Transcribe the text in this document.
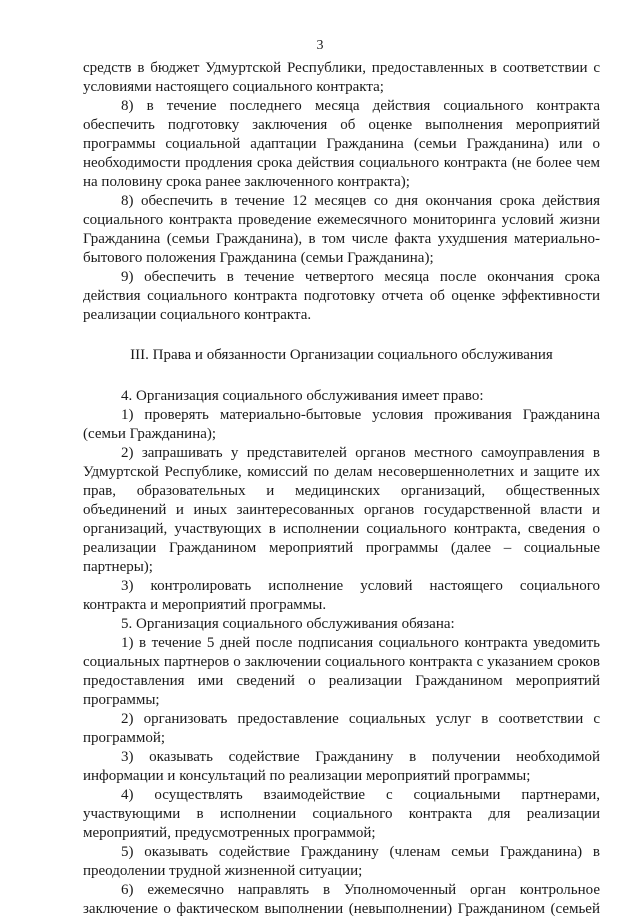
3

средств в бюджет Удмуртской Республики, предоставленных в соответствии с условиями настоящего социального контракта;

8) в течение последнего месяца действия социального контракта обеспечить подготовку заключения об оценке выполнения мероприятий программы социальной адаптации Гражданина (семьи Гражданина) или о необходимости продления срока действия социального контракта (не более чем на половину срока ранее заключенного контракта);

8) обеспечить в течение 12 месяцев со дня окончания срока действия социального контракта проведение ежемесячного мониторинга условий жизни Гражданина (семьи Гражданина), в том числе факта ухудшения материально-бытового положения Гражданина (семьи Гражданина);

9) обеспечить в течение четвертого месяца после окончания срока действия социального контракта подготовку отчета об оценке эффективности реализации социального контракта.

III. Права и обязанности Организации социального обслуживания

4. Организация социального обслуживания имеет право:

1) проверять материально-бытовые условия проживания Гражданина (семьи Гражданина);

2) запрашивать у представителей органов местного самоуправления в Удмуртской Республике, комиссий по делам несовершеннолетних и защите их прав, образовательных и медицинских организаций, общественных объединений и иных заинтересованных органов государственной власти и организаций, участвующих в исполнении социального контракта, сведения о реализации Гражданином мероприятий программы (далее – социальные партнеры);

3) контролировать исполнение условий настоящего социального контракта и мероприятий программы.

5. Организация социального обслуживания обязана:

1) в течение 5 дней после подписания социального контракта уведомить социальных партнеров о заключении социального контракта с указанием сроков предоставления ими сведений о реализации Гражданином мероприятий программы;

2) организовать предоставление социальных услуг в соответствии с программой;

3) оказывать содействие Гражданину в получении необходимой информации и консультаций по реализации мероприятий программы;

4) осуществлять взаимодействие с социальными партнерами, участвующими в исполнении социального контракта для реализации мероприятий, предусмотренных программой;

5) оказывать содействие Гражданину (членам семьи Гражданина) в преодолении трудной жизненной ситуации;

6) ежемесячно направлять в Уполномоченный орган контрольное заключение о фактическом выполнении (невыполнении) Гражданином (семьей
